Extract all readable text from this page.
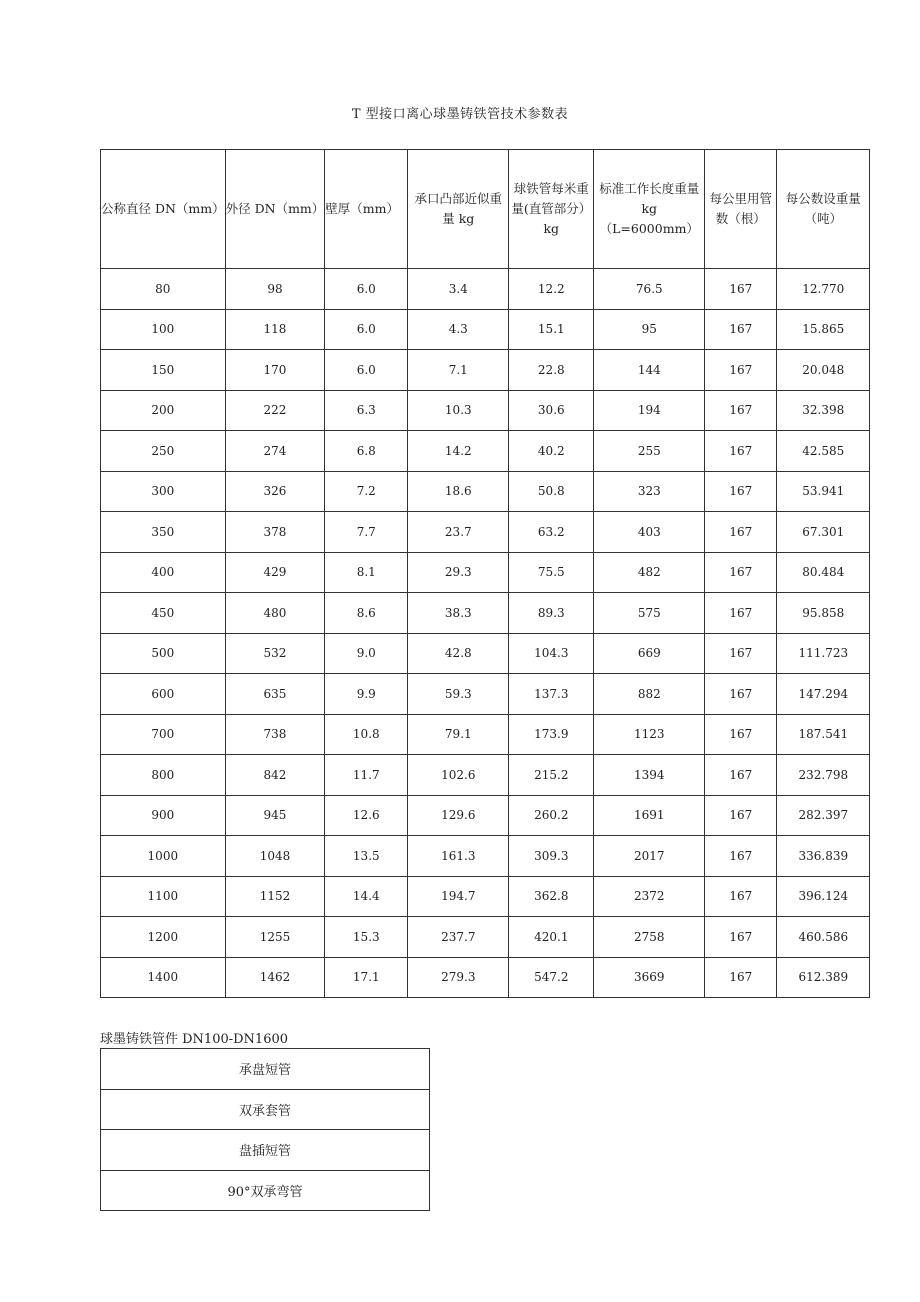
T 型接口离心球墨铸铁管技术参数表
公称直径 DN（mm）	外径 DN（mm）	壁厚（mm）	承口凸部近似重量 kg	球铁管每米重量(直管部分）kg	标准工作长度重量 kg（L=6000mm）	每公里用管数（根）	每公数设重量（吨）

80	98	6.0	3.4	12.2	76.5	167	12.770
100	118	6.0	4.3	15.1	95	167	15.865
150	170	6.0	7.1	22.8	144	167	20.048
200	222	6.3	10.3	30.6	194	167	32.398
250	274	6.8	14.2	40.2	255	167	42.585
300	326	7.2	18.6	50.8	323	167	53.941
350	378	7.7	23.7	63.2	403	167	67.301
400	429	8.1	29.3	75.5	482	167	80.484
450	480	8.6	38.3	89.3	575	167	95.858
500	532	9.0	42.8	104.3	669	167	111.723
600	635	9.9	59.3	137.3	882	167	147.294
700	738	10.8	79.1	173.9	1123	167	187.541
800	842	11.7	102.6	215.2	1394	167	232.798
900	945	12.6	129.6	260.2	1691	167	282.397
1000	1048	13.5	161.3	309.3	2017	167	336.839
1100	1152	14.4	194.7	362.8	2372	167	396.124
1200	1255	15.3	237.7	420.1	2758	167	460.586
1400	1462	17.1	279.3	547.2	3669	167	612.389
球墨铸铁管件 DN100-DN1600
承盘短管
双承套管
盘插短管
90°双承弯管
